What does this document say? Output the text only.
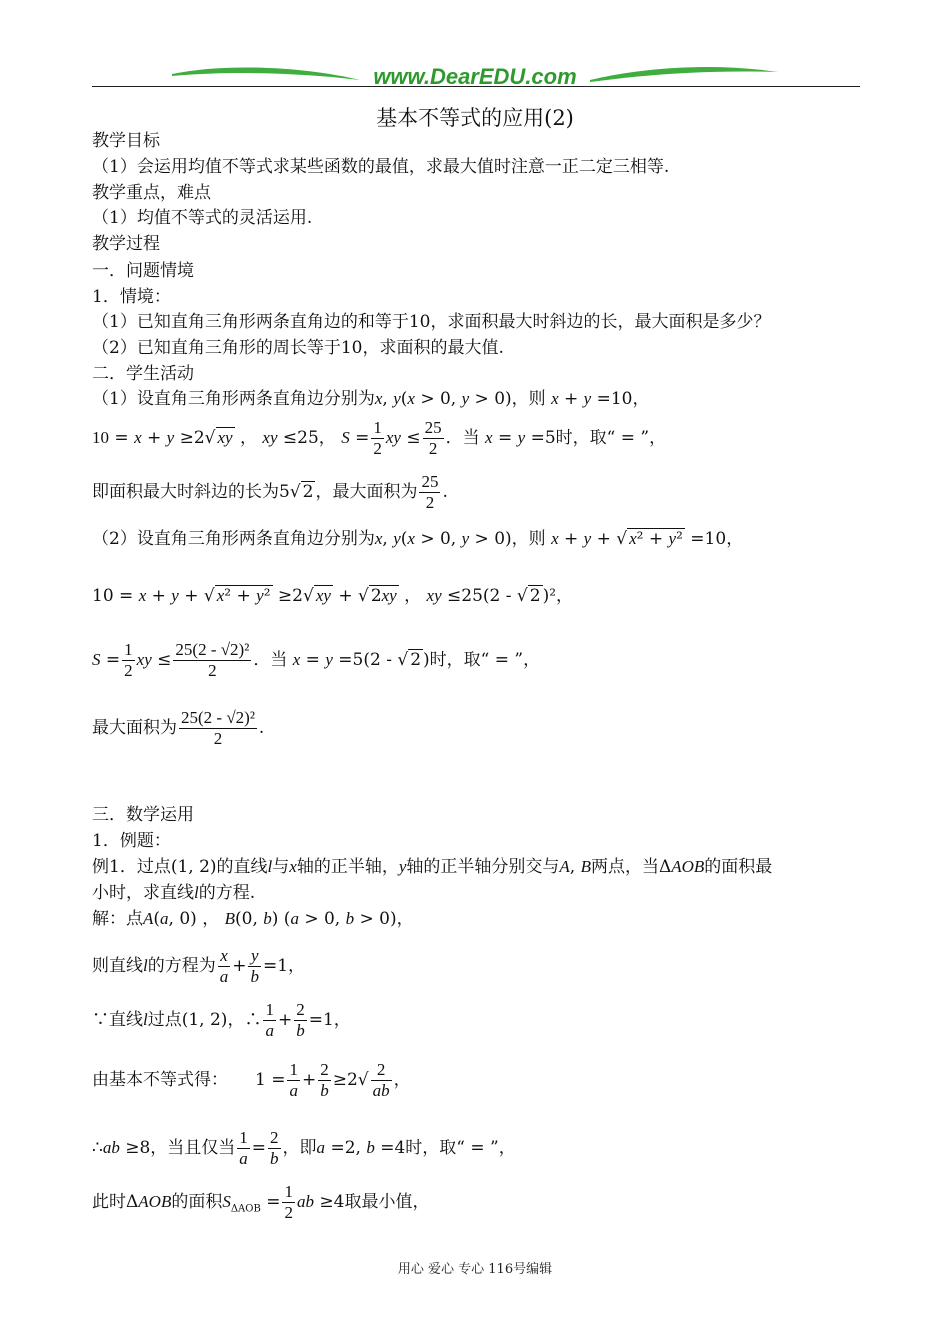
www.DearEDU.com
基本不等式的应用(2)
教学目标
（1）会运用均值不等式求某些函数的最值，求最大值时注意一正二定三相等.
教学重点，难点
（1）均值不等式的灵活运用.
教学过程
一．问题情境
1．情境：
（1）已知直角三角形两条直角边的和等于10，求面积最大时斜边的长，最大面积是多少？
（2）已知直角三角形的周长等于10，求面积的最大值.
二．学生活动
（1）设直角三角形两条直角边分别为x, y(x > 0, y > 0)，则 x + y =10，
10 = x + y ≥2√ xy ， xy ≤25， $S = \frac{1}{2}$ xy ≤ $\frac{25}{2}$ ．当 x = y =5时，取“ = ”，
即面积最大时斜边的长为5√ 2 ，最大面积为 $\frac{25}{2}$ .
（2）设直角三角形两条直角边分别为x, y(x > 0, y > 0)，则 x + y + √ x² + y² =10，
10 = x + y + √ x² + y² ≥2√ xy + √ 2xy ， xy ≤25(2 - √ 2 )²，
$S = \frac{1}{2}$ xy ≤ $\frac{\text{25(2 - √2)²}}{2}$ ．当 x = y =5(2 - √ 2 )时，取“ = ”，
最大面积为 $\frac{\text{25(2 - √2)²}}{2}$ .
三．数学运用
1．例题：
例1．过点(1, 2)的直线l与x轴的正半轴，y轴的正半轴分别交与A, B两点，当ΔAOB的面积最
小时，求直线l的方程.
解：点A(a, 0) ， B(0, b) (a > 0, b > 0)，
则直线l的方程为 $\frac{x}{a} + \frac{y}{b} =1$，
∵直线l过点(1, 2)，∴ $\frac{1}{a} + \frac{2}{b} =1$，
由基本不等式得：     $1 = \frac{1}{a} + \frac{2}{b} \ge 2√ \frac{2}{ab}$ ，
∴ab ≥8，当且仅当 $\frac{1}{a} = \frac{2}{b}$ ，即a =2, b =4时，取“ = ”，
此时ΔAOB的面积$S_{\Delta AOB} = \frac{1}{2}$ ab ≥4取最小值，
用心 爱心 专心 116号编辑
